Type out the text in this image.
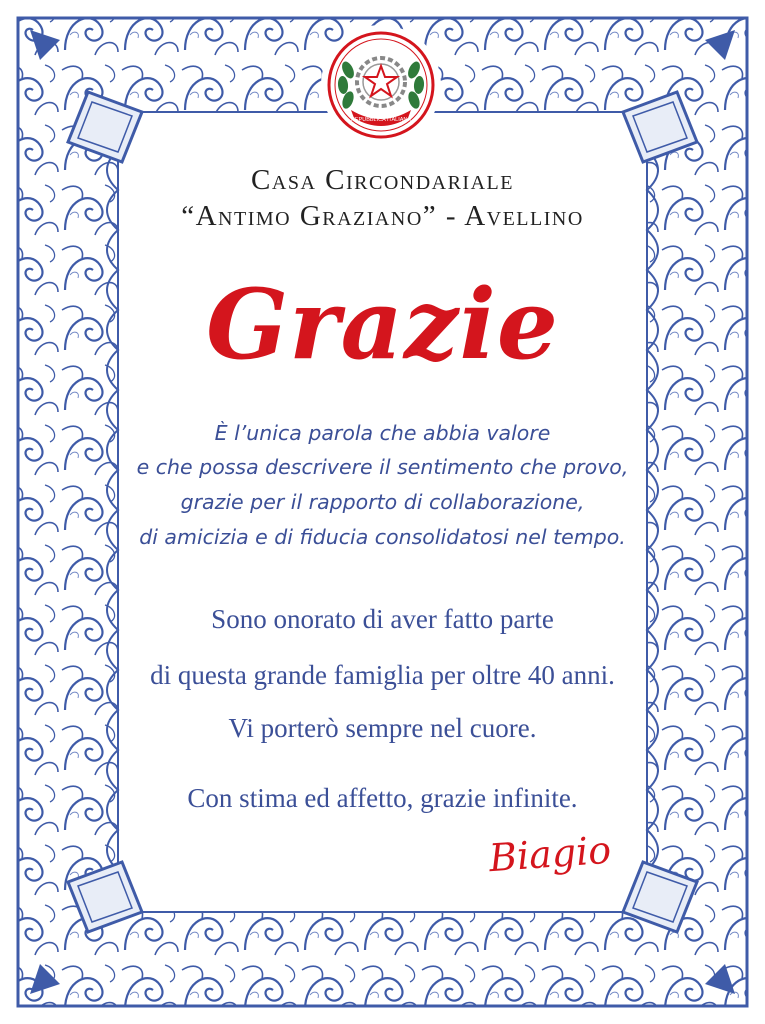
REPUBBLICA ITALIANA
Casa Circondariale
“Antimo Graziano” - Avellino
Grazie
È l’unica parola che abbia valore
e che possa descrivere il sentimento che provo,
grazie per il rapporto di collaborazione,
di amicizia e di fiducia consolidatosi nel tempo.
Sono onorato di aver fatto parte
di questa grande famiglia per oltre 40 anni.
Vi porterò sempre nel cuore.
Con stima ed affetto, grazie infinite.
Biagio
